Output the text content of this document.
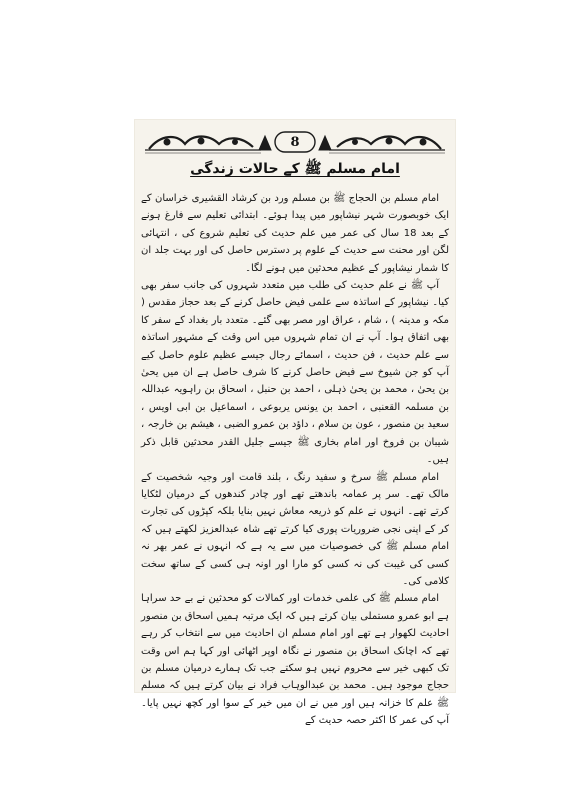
8
امام مسلم ﷺ کے حالات زندگی

امام مسلم بن الحجاج ﷺ بن مسلم ورد بن کرشاد القشیری خراسان کے ایک خوبصورت شہر نیشاپور میں پیدا ہوئے۔ ابتدائی تعلیم سے فارغ ہونے کے بعد 18 سال کی عمر میں علم حدیث کی تعلیم شروع کی ، انتہائی لگن اور محنت سے حدیث کے علوم پر دسترس حاصل کی اور بہت جلد ان کا شمار نیشاپور کے عظیم محدثین میں ہونے لگا۔

آپ ﷺ نے علم حدیث کی طلب میں متعدد شہروں کی جانب سفر بھی کیا۔ نیشاپور کے اساتذہ سے علمی فیض حاصل کرنے کے بعد حجاز مقدس ( مکہ و مدینہ ) ، شام ، عراق اور مصر بھی گئے۔ متعدد بار بغداد کے سفر کا بھی اتفاق ہوا۔ آپ نے ان تمام شہروں میں اس وقت کے مشہور اساتذہ سے علم حدیث ، فن حدیث ، اسمائے رجال جیسے عظیم علوم حاصل کیے آپ کو جن شیوخ سے فیض حاصل کرنے کا شرف حاصل ہے ان میں یحیٰ بن یحیٰ ، محمد بن یحیٰ ذہلی ، احمد بن حنبل ، اسحاق بن راہویہ عبداللہ بن مسلمہ القعنبی ، احمد بن یونس یربوعی ، اسماعیل بن ابی اویس ، سعید بن منصور ، عون بن سلام ، داؤد بن عمرو الضبی ، ھیشم بن خارجہ ، شیبان بن فروخ اور امام بخاری ﷺ جیسے جلیل القدر محدثین قابل ذکر ہیں۔

امام مسلم ﷺ سرخ و سفید رنگ ، بلند قامت اور وجیہ شخصیت کے مالک تھے۔ سر پر عمامہ باندھتے تھے اور چادر کندھوں کے درمیان لٹکایا کرتے تھے۔ انہوں نے علم کو ذریعہ معاش نہیں بنایا بلکہ کپڑوں کی تجارت کر کے اپنی نجی ضروریات پوری کیا کرتے تھے شاہ عبدالعزیز لکھتے ہیں کہ امام مسلم ﷺ کی خصوصیات میں سے یہ ہے کہ انہوں نے عمر بھر نہ کسی کی غیبت کی نہ کسی کو مارا اور اونہ ہی کسی کے ساتھ سخت کلامی کی۔

امام مسلم ﷺ کی علمی خدمات اور کمالات کو محدثین نے بے حد سراہا ہے ابو عمرو مستملی بیان کرتے ہیں کہ ایک مرتبہ ہمیں اسحاق بن منصور احادیث لکھوار ہے تھے اور امام مسلم ان احادیث میں سے انتخاب کر رہے تھے کہ اچانک اسحاق بن منصور نے نگاہ اوپر اٹھائی اور کہا ہم اس وقت تک کبھی خیر سے محروم نہیں ہو سکتے جب تک ہمارے درمیان مسلم بن حجاج موجود ہیں۔ محمد بن عبدالوہاب فراد نے بیان کرتے ہیں کہ مسلم ﷺ علم کا خزانہ ہیں اور میں نے ان میں خیر کے سوا اور کچھ نہیں پایا۔ آپ کی عمر کا اکثر حصہ حدیث کے
